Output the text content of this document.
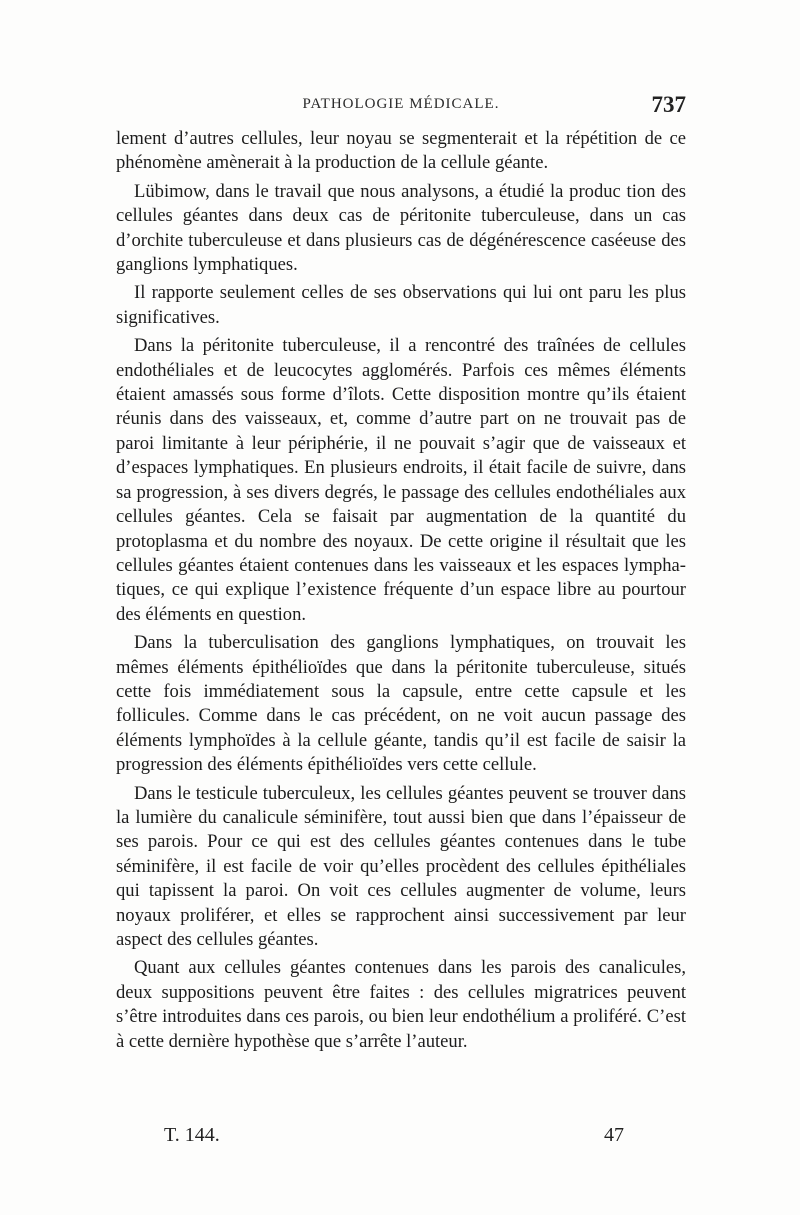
PATHOLOGIE MÉDICALE.	737

lement d’autres cellules, leur noyau se segmenterait et la répétition de ce phénomène amènerait à la production de la cellule géante.

Lübimow, dans le travail que nous analysons, a étudié la produc tion des cellules géantes dans deux cas de péritonite tuberculeuse, dans un cas d’orchite tuberculeuse et dans plusieurs cas de dégénérescence caséeuse des ganglions lymphatiques.

Il rapporte seulement celles de ses observations qui lui ont paru les plus significatives.

Dans la péritonite tuberculeuse, il a rencontré des traînées de cellules endothéliales et de leucocytes agglomérés. Parfois ces mêmes éléments étaient amassés sous forme d’îlots. Cette disposition montre qu’ils étaient réunis dans des vaisseaux, et, comme d’autre part on ne trouvait pas de paroi limitante à leur périphérie, il ne pouvait s’agir que de vaisseaux et d’espaces lymphatiques. En plusieurs endroits, il était facile de suivre, dans sa progression, à ses divers degrés, le passage des cellules endothéliales aux cellules géantes. Cela se faisait par augmentation de la quantité du protoplasma et du nombre des noyaux. De cette origine il résultait que les cellules géantes étaient contenues dans les vaisseaux et les espaces lymphatiques, ce qui explique l’existence fréquente d’un espace libre au pourtour des éléments en question.

Dans la tuberculisation des ganglions lymphatiques, on trouvait les mêmes éléments épithélioïdes que dans la péritonite tuberculeuse, situés cette fois immédiatement sous la capsule, entre cette capsule et les follicules. Comme dans le cas précédent, on ne voit aucun passage des éléments lymphoïdes à la cellule géante, tandis qu’il est facile de saisir la progression des éléments épithélioïdes vers cette cellule.

Dans le testicule tuberculeux, les cellules géantes peuvent se trouver dans la lumière du canalicule séminifère, tout aussi bien que dans l’épaisseur de ses parois. Pour ce qui est des cellules géantes contenues dans le tube séminifère, il est facile de voir qu’elles procèdent des cellules épithéliales qui tapissent la paroi. On voit ces cellules augmenter de volume, leurs noyaux proliférer, et elles se rapprochent ainsi successivement par leur aspect des cellules géantes.

Quant aux cellules géantes contenues dans les parois des canalicules, deux suppositions peuvent être faites : des cellules migratrices peuvent s’être introduites dans ces parois, ou bien leur endothélium a proliféré. C’est à cette dernière hypothèse que s’arrête l’auteur.

T. 144.	47
